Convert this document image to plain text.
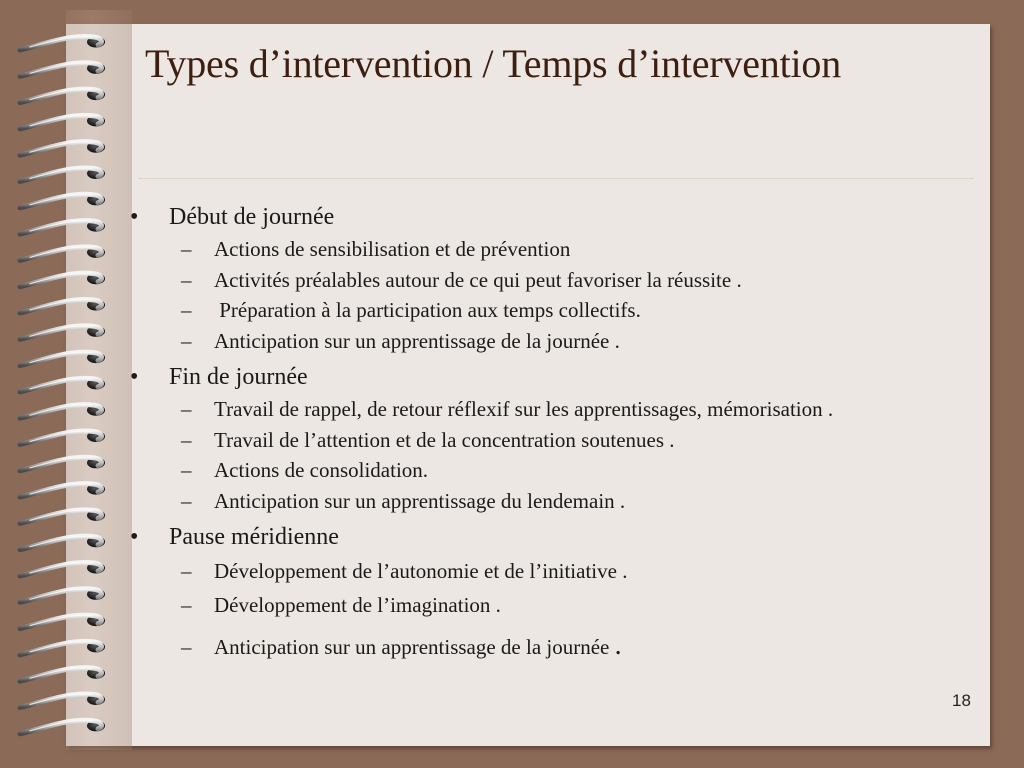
Types d’intervention / Temps d’intervention
• Début de journée
– Actions de sensibilisation et de prévention
– Activités préalables autour de ce qui peut favoriser la réussite .
– Préparation à la participation aux temps collectifs.
– Anticipation sur un apprentissage de la journée .
• Fin de journée
– Travail de rappel, de retour réflexif sur les apprentissages, mémorisation .
– Travail de l’attention et de la concentration soutenues .
– Actions de consolidation.
– Anticipation sur un apprentissage du lendemain .
• Pause méridienne
– Développement de l’autonomie et de l’initiative .
– Développement de l’imagination .
– Anticipation sur un apprentissage de la journée .
18
